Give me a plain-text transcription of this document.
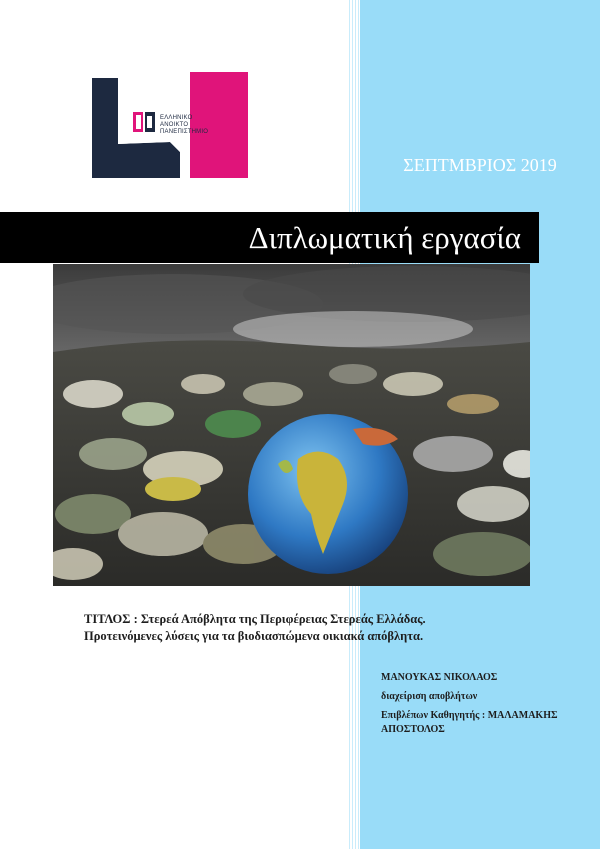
ΕΛΛΗΝΙΚΟ
ΑΝΟΙΚΤΟ
ΠΑΝΕΠΙΣΤΗΜΙΟ
ΣΕΠΤΜΒΡΙΟΣ 2019
Διπλωματική εργασία
ΤΙΤΛΟΣ : Στερεά Απόβλητα της Περιφέρειας Στερεάς Ελλάδας.
Προτεινόμενες λύσεις για τα βιοδιασπώμενα οικιακά απόβλητα.
ΜΑΝΟΥΚΑΣ ΝΙΚΟΛΑΟΣ
διαχείριση αποβλήτων
Επιβλέπων Καθηγητής : ΜΑΛΑΜΑΚΗΣ
ΑΠΟΣΤΟΛΟΣ
